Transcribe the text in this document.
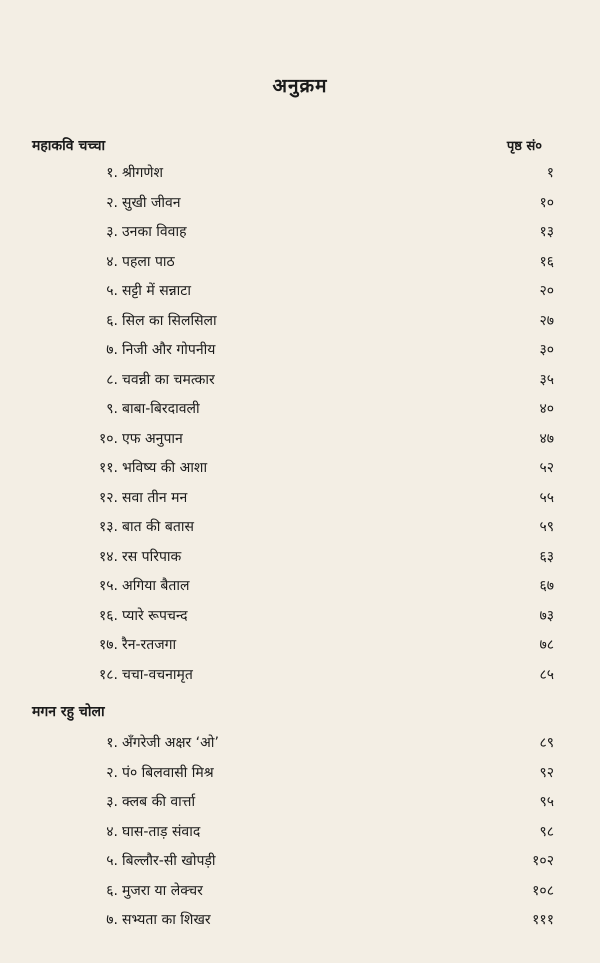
अनुक्रम
महाकवि चच्चा	पृष्ठ सं०
१. श्रीगणेश	१
२. सुखी जीवन	१०
३. उनका विवाह	१३
४. पहला पाठ	१६
५. सट्टी में सन्नाटा	२०
६. सिल का सिलसिला	२७
७. निजी और गोपनीय	३०
८. चवन्नी का चमत्कार	३५
९. बाबा-बिरदावली	४०
१०. एफ अनुपान	४७
११. भविष्य की आशा	५२
१२. सवा तीन मन	५५
१३. बात की बतास	५९
१४. रस परिपाक	६३
१५. अगिया बैताल	६७
१६. प्यारे रूपचन्द	७३
१७. रैन-रतजगा	७८
१८. चचा-वचनामृत	८५
मगन रहु चोला
१. अँगरेजी अक्षर ‘ओ’	८९
२. पं० बिलवासी मिश्र	९२
३. क्लब की वार्त्ता	९५
४. घास-ताड़ संवाद	९८
५. बिल्लौर-सी खोपड़ी	१०२
६. मुजरा या लेक्चर	१०८
७. सभ्यता का शिखर	१११
